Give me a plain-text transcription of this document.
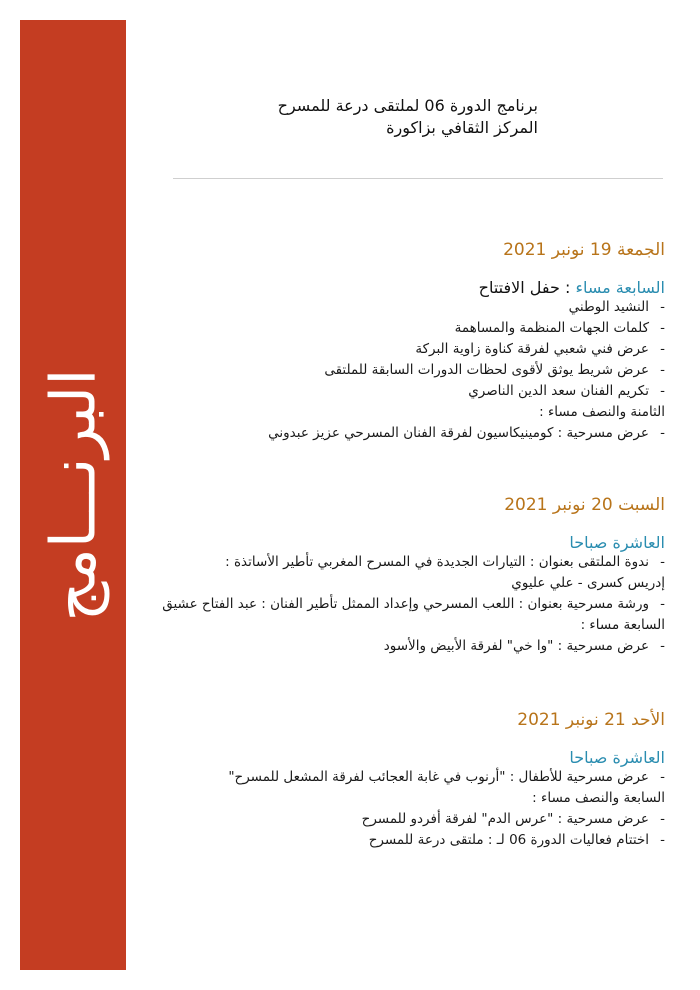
البرنـــامج
برنامج الدورة 06 لملتقى درعة للمسرح
المركز الثقافي بزاكورة
الجمعة 19 نونبر 2021
السابعة مساء : حفل الافتتاح
-النشيد الوطني
-كلمات الجهات المنظمة والمساهمة
-عرض فني شعبي لفرقة كناوة زاوية البركة
-عرض شريط يوثق لأقوى لحظات الدورات السابقة للملتقى
-تكريم الفنان سعد الدين الناصري
الثامنة والنصف مساء :
-عرض مسرحية : كومينيكاسيون لفرقة الفنان المسرحي عزيز عبدوني
السبت 20 نونبر 2021
العاشرة صباحا
-ندوة الملتقى بعنوان : التيارات الجديدة في المسرح المغربي تأطير الأساتذة :
إدريس كسرى - علي عليوي
-ورشة مسرحية بعنوان : اللعب المسرحي وإعداد الممثل تأطير الفنان : عبد الفتاح عشيق
السابعة مساء :
-عرض مسرحية : "وا خي" لفرقة الأبيض والأسود
الأحد 21 نونبر 2021
العاشرة صباحا
-عرض مسرحية للأطفال : "أرنوب في غابة العجائب لفرقة المشعل للمسرح"
السابعة والنصف مساء :
-عرض مسرحية : "عرس الدم" لفرقة أفردو للمسرح
-اختتام فعاليات الدورة 06 لـ : ملتقى درعة للمسرح
